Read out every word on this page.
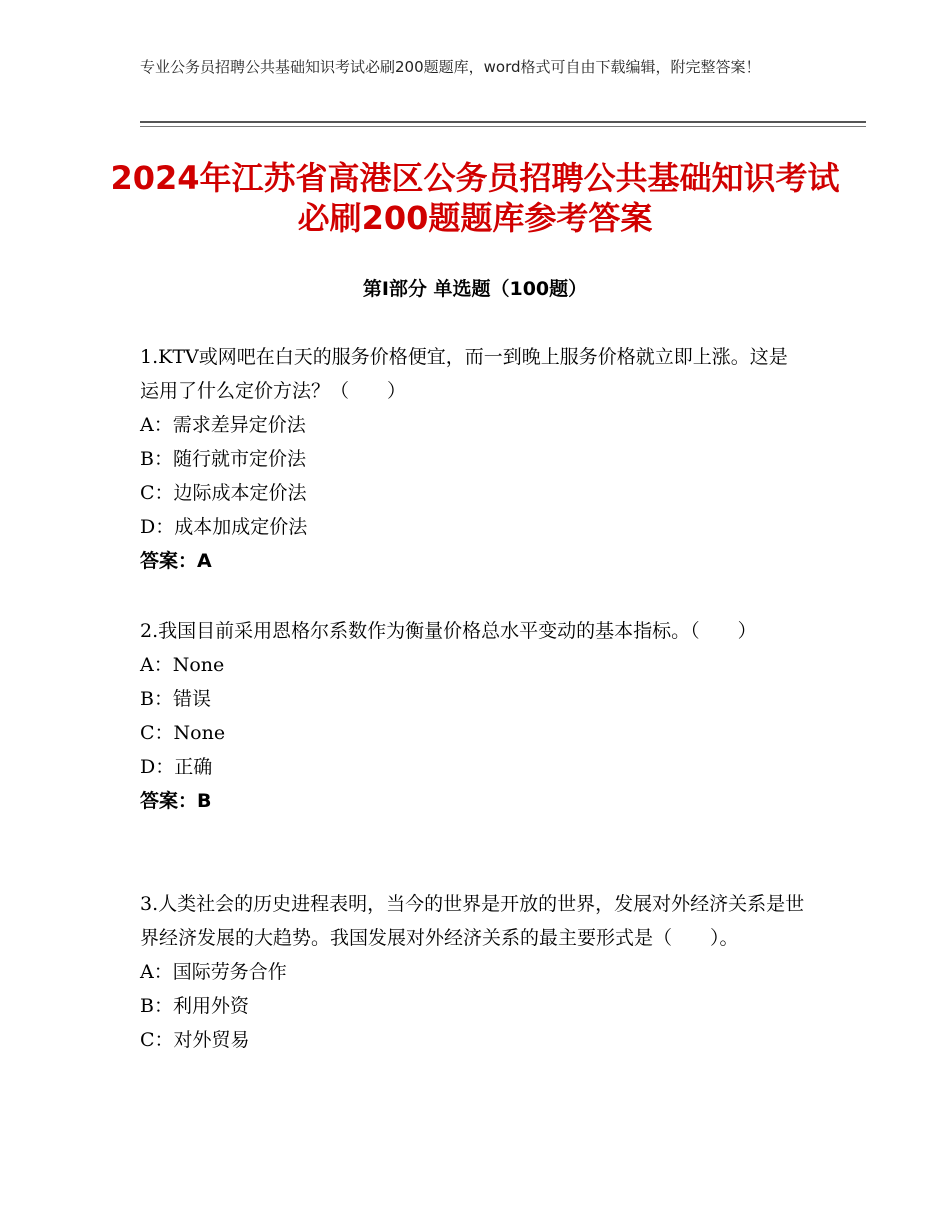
专业公务员招聘公共基础知识考试必刷200题题库，word格式可自由下载编辑，附完整答案！
2024年江苏省高港区公务员招聘公共基础知识考试必刷200题题库参考答案
第Ⅰ部分 单选题（100题）

1.KTV或网吧在白天的服务价格便宜，而一到晚上服务价格就立即上涨。这是运用了什么定价方法？（　　）

A：需求差异定价法

B：随行就市定价法

C：边际成本定价法

D：成本加成定价法

答案：A

2.我国目前采用恩格尔系数作为衡量价格总水平变动的基本指标。（　　）

A：None

B：错误

C：None

D：正确

答案：B

3.人类社会的历史进程表明，当今的世界是开放的世界，发展对外经济关系是世界经济发展的大趋势。我国发展对外经济关系的最主要形式是（　　）。

A：国际劳务合作

B：利用外资

C：对外贸易
